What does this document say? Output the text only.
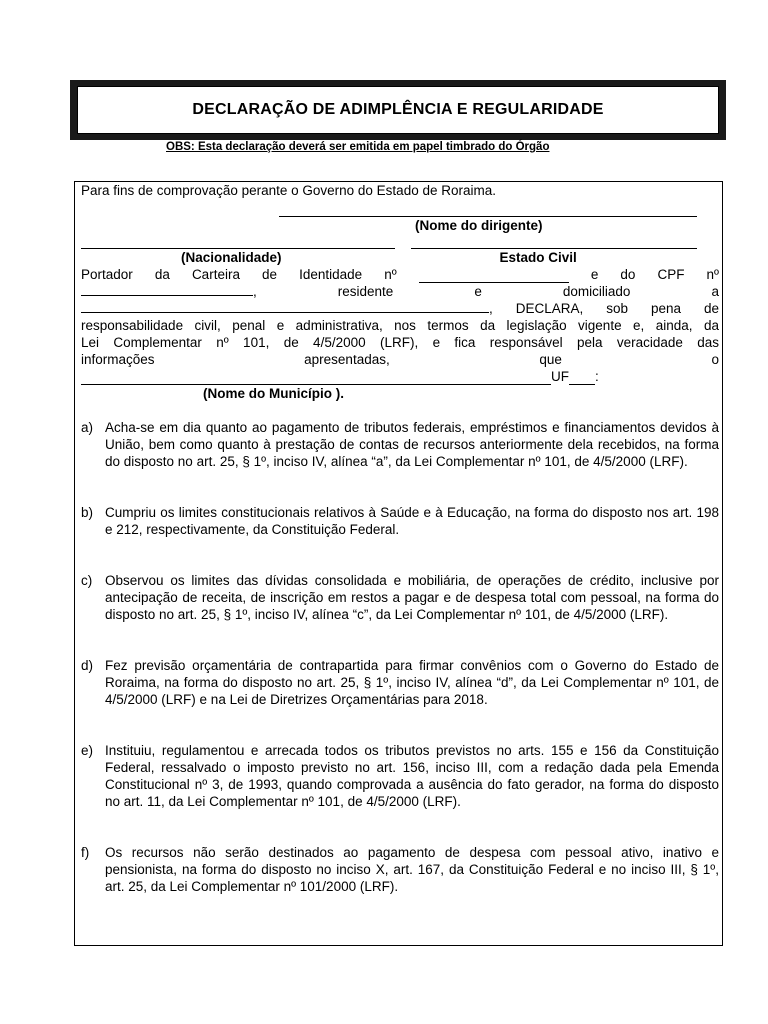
DECLARAÇÃO DE ADIMPLÊNCIA E REGULARIDADE
OBS: Esta declaração deverá ser emitida em papel timbrado do Órgão
Para fins de comprovação perante o Governo do Estado de Roraima.
(Nome do dirigente)
(Nacionalidade)	Estado Civil
Portador da Carteira de Identidade nº	e do CPF nº
,	residente	e	domiciliado	a
, DECLARA, sob pena de
responsabilidade civil, penal e administrativa, nos termos da legislação vigente e, ainda, da
Lei Complementar nº 101, de 4/5/2000 (LRF), e fica responsável pela veracidade das
informações	apresentadas,	que	o
UF :
(Nome do Município ).
a) Acha-se em dia quanto ao pagamento de tributos federais, empréstimos e financiamentos devidos à União, bem como quanto à prestação de contas de recursos anteriormente dela recebidos, na forma do disposto no art. 25, § 1º, inciso IV, alínea “a”, da Lei Complementar nº 101, de 4/5/2000 (LRF).
b) Cumpriu os limites constitucionais relativos à Saúde e à Educação, na forma do disposto nos art. 198 e 212, respectivamente, da Constituição Federal.
c) Observou os limites das dívidas consolidada e mobiliária, de operações de crédito, inclusive por antecipação de receita, de inscrição em restos a pagar e de despesa total com pessoal, na forma do disposto no art. 25, § 1º, inciso IV, alínea “c”, da Lei Complementar nº 101, de 4/5/2000 (LRF).
d) Fez previsão orçamentária de contrapartida para firmar convênios com o Governo do Estado de Roraima, na forma do disposto no art. 25, § 1º, inciso IV, alínea “d”, da Lei Complementar nº 101, de 4/5/2000 (LRF) e na Lei de Diretrizes Orçamentárias para 2018.
e) Instituiu, regulamentou e arrecada todos os tributos previstos no arts. 155 e 156 da Constituição Federal, ressalvado o imposto previsto no art. 156, inciso III, com a redação dada pela Emenda Constitucional nº 3, de 1993, quando comprovada a ausência do fato gerador, na forma do disposto no art. 11, da Lei Complementar nº 101, de 4/5/2000 (LRF).
f)	Os recursos não serão destinados ao pagamento de despesa com pessoal ativo, inativo e pensionista, na forma do disposto no inciso X, art. 167, da Constituição Federal e no inciso III, § 1º, art. 25, da Lei Complementar nº 101/2000 (LRF).
